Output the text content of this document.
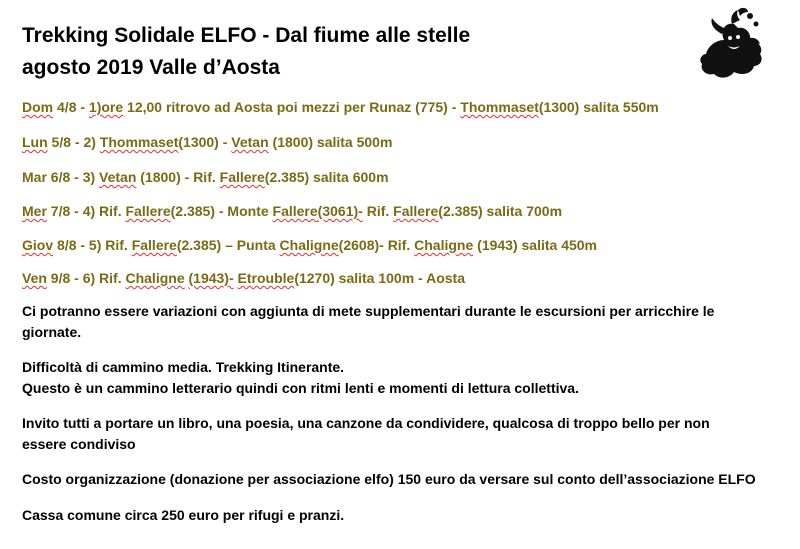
Trekking Solidale ELFO - Dal fiume alle stelle
agosto 2019 Valle d’Aosta
Dom 4/8 - 1)ore 12,00 ritrovo ad Aosta poi mezzi per Runaz (775) - Thommaset(1300) salita 550m
Lun 5/8 - 2) Thommaset(1300) - Vetan (1800) salita 500m
Mar 6/8 - 3) Vetan (1800) - Rif. Fallere(2.385) salita 600m
Mer 7/8 - 4) Rif. Fallere(2.385) - Monte Fallere(3061)- Rif. Fallere(2.385) salita 700m
Giov 8/8 - 5) Rif. Fallere(2.385) – Punta Chaligne(2608)- Rif. Chaligne (1943) salita 450m
Ven 9/8 - 6) Rif. Chaligne (1943)- Etrouble(1270) salita 100m - Aosta
Ci potranno essere variazioni con aggiunta di mete supplementari durante le escursioni per arricchire le
giornate.
Difficoltà di cammino media. Trekking Itinerante.
Questo è un cammino letterario quindi con ritmi lenti e momenti di lettura collettiva.
Invito tutti a portare un libro, una poesia, una canzone da condividere, qualcosa di troppo bello per non
essere condiviso
Costo organizzazione (donazione per associazione elfo) 150 euro da versare sul conto dell’associazione ELFO
Cassa comune circa 250 euro per rifugi e pranzi.
